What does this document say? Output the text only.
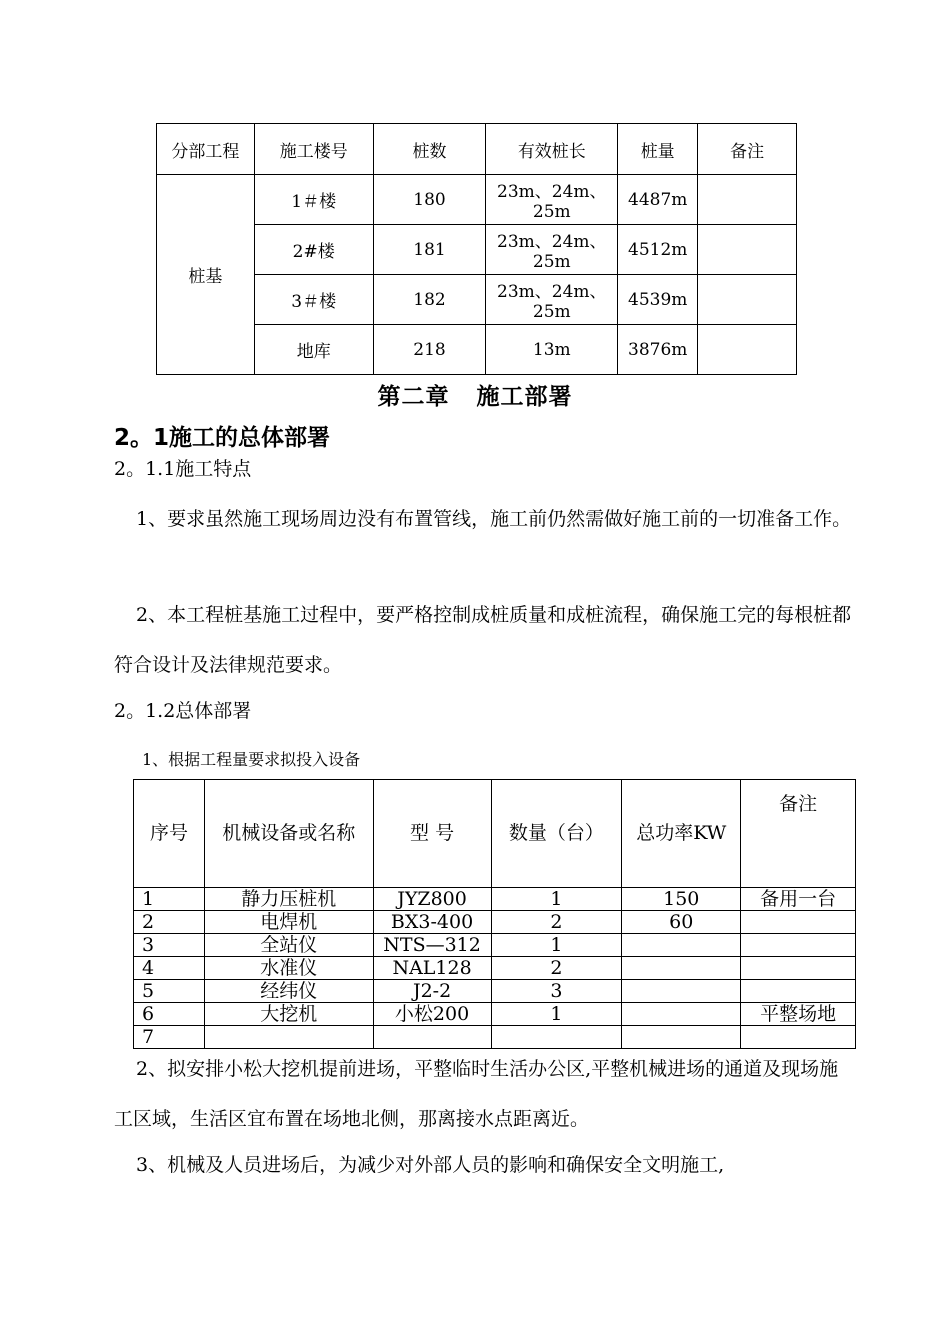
分部工程	施工楼号	桩数	有效桩长	桩量	备注
桩基	1＃楼	180	23m、24m、25m	4487m	
	2#楼	181	23m、24m、25m	4512m	
	3＃楼	182	23m、24m、25m	4539m	
	地库	218	13m	3876m	
第二章   施工部署
2。1施工的总体部署
2。1.1施工特点
1、要求虽然施工现场周边没有布置管线，施工前仍然需做好施工前的一切准备工作。
2、本工程桩基施工过程中，要严格控制成桩质量和成桩流程，确保施工完的每根桩都符合设计及法律规范要求。
2。1.2总体部署
1、根据工程量要求拟投入设备
序号	机械设备或名称	型 号	数量（台）	总功率KW	备注
1	静力压桩机	JYZ800	1	150	备用一台
2	电焊机	BX3-400	2	60	
3	全站仪	NTS—312	1		
4	水准仪	NAL128	2		
5	经纬仪	J2-2	3		
6	大挖机	小松200	1		平整场地
7					
2、拟安排小松大挖机提前进场，平整临时生活办公区,平整机械进场的通道及现场施工区域，生活区宜布置在场地北侧，那离接水点距离近。
3、机械及人员进场后，为减少对外部人员的影响和确保安全文明施工,
